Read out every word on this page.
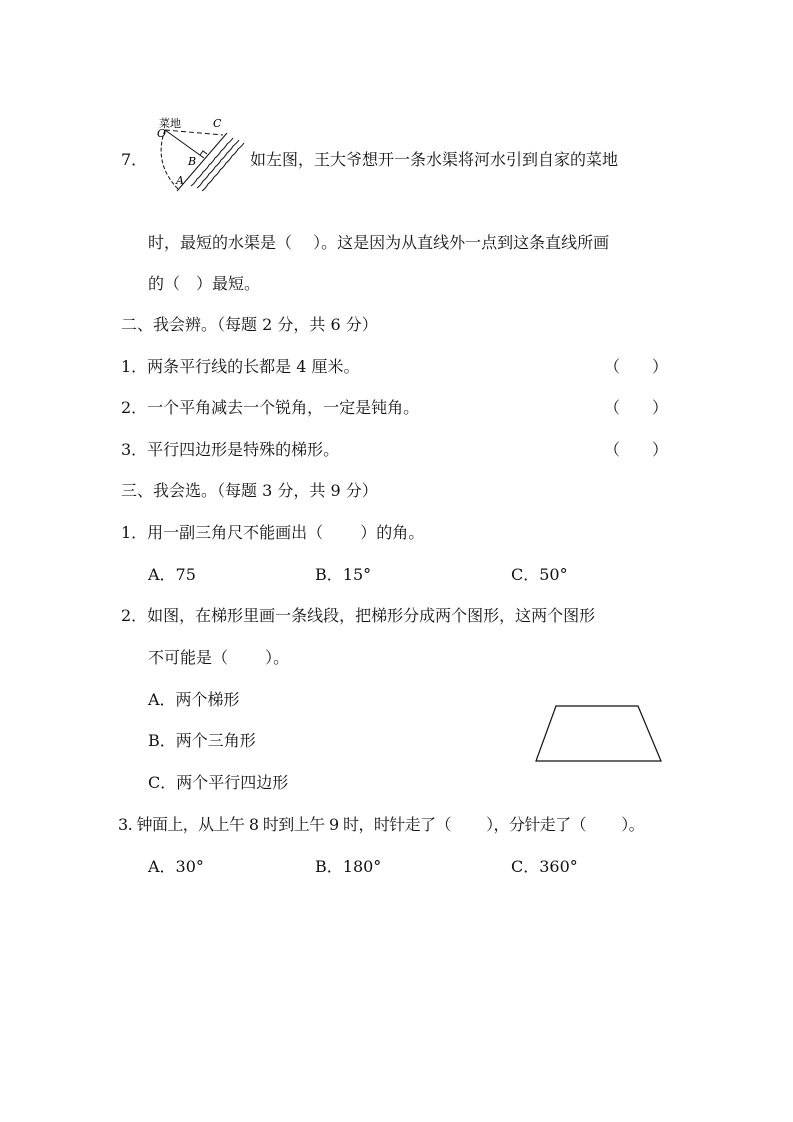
7．
菜地
O
C
B
A
如左图，王大爷想开一条水渠将河水引到自家的菜地
时，最短的水渠是（　 ）。这是因为从直线外一点到这条直线所画
的（　）最短。
二、我会辨。（每题 2 分，共 6 分）
1．两条平行线的长都是 4 厘米。	（　　）
2．一个平角减去一个锐角，一定是钝角。	（　　）
3．平行四边形是特殊的梯形。	（　　）
三、我会选。（每题 3 分，共 9 分）
1．用一副三角尺不能画出（　　 ）的角。
A．75	B．15°	C．50°
2．如图，在梯形里画一条线段，把梯形分成两个图形，这两个图形
不可能是（　　 ）。
A．两个梯形
B．两个三角形
C．两个平行四边形
3. 钟面上，从上午 8 时到上午 9 时，时针走了（　　 ），分针走了（　　 ）。
A．30°	B．180°	C．360°
